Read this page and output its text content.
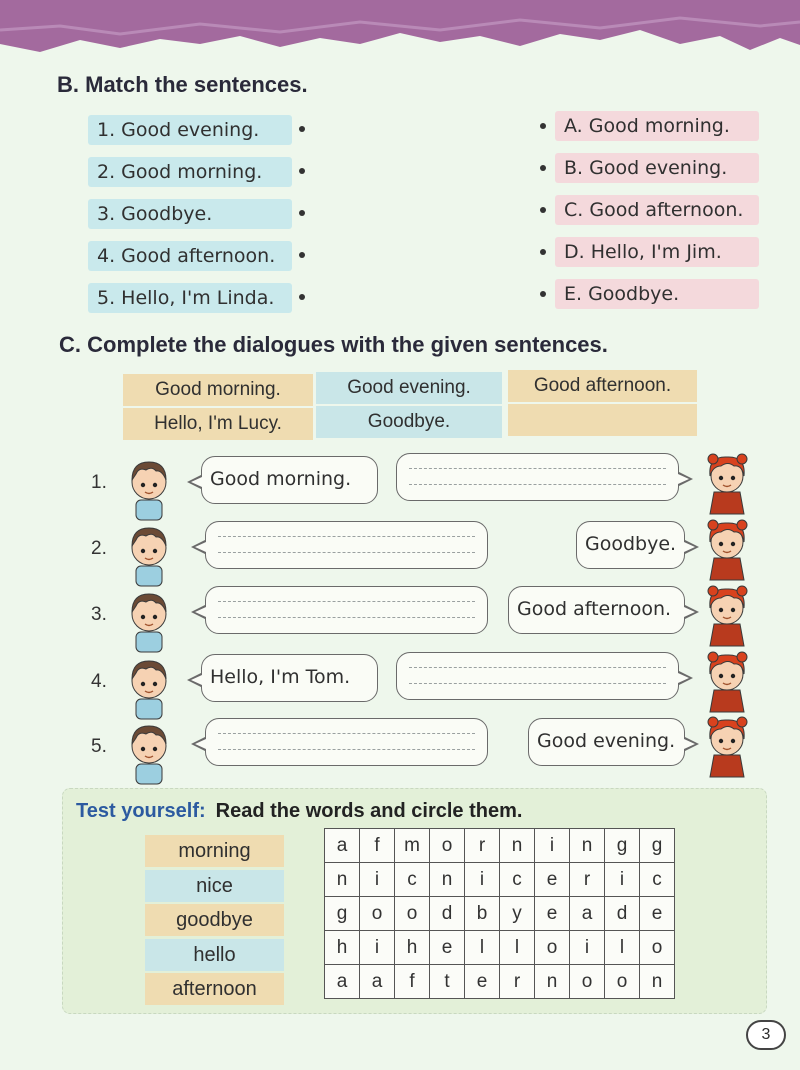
B. Match the sentences.
1. Good evening.
2. Good morning.
3. Goodbye.
4. Good afternoon.
5. Hello, I'm Linda.
A. Good morning.
B. Good evening.
C. Good afternoon.
D. Hello, I'm Jim.
E. Goodbye.
C. Complete the dialogues with the given sentences.
Good morning.	Good evening.	Good afternoon.
Hello, I'm Lucy.	Goodbye.
1.	Good morning.
2.	Goodbye.
3.	Good afternoon.
4.	Hello, I'm Tom.
5.	Good evening.
Test yourself: Read the words and circle them.
morning
nice
goodbye
hello
afternoon
a	f	m	o	r	n	i	n	g	g
n	i	c	n	i	c	e	r	i	c
g	o	o	d	b	y	e	a	d	e
h	i	h	e	l	l	o	i	l	o
a	a	f	t	e	r	n	o	o	n
3
